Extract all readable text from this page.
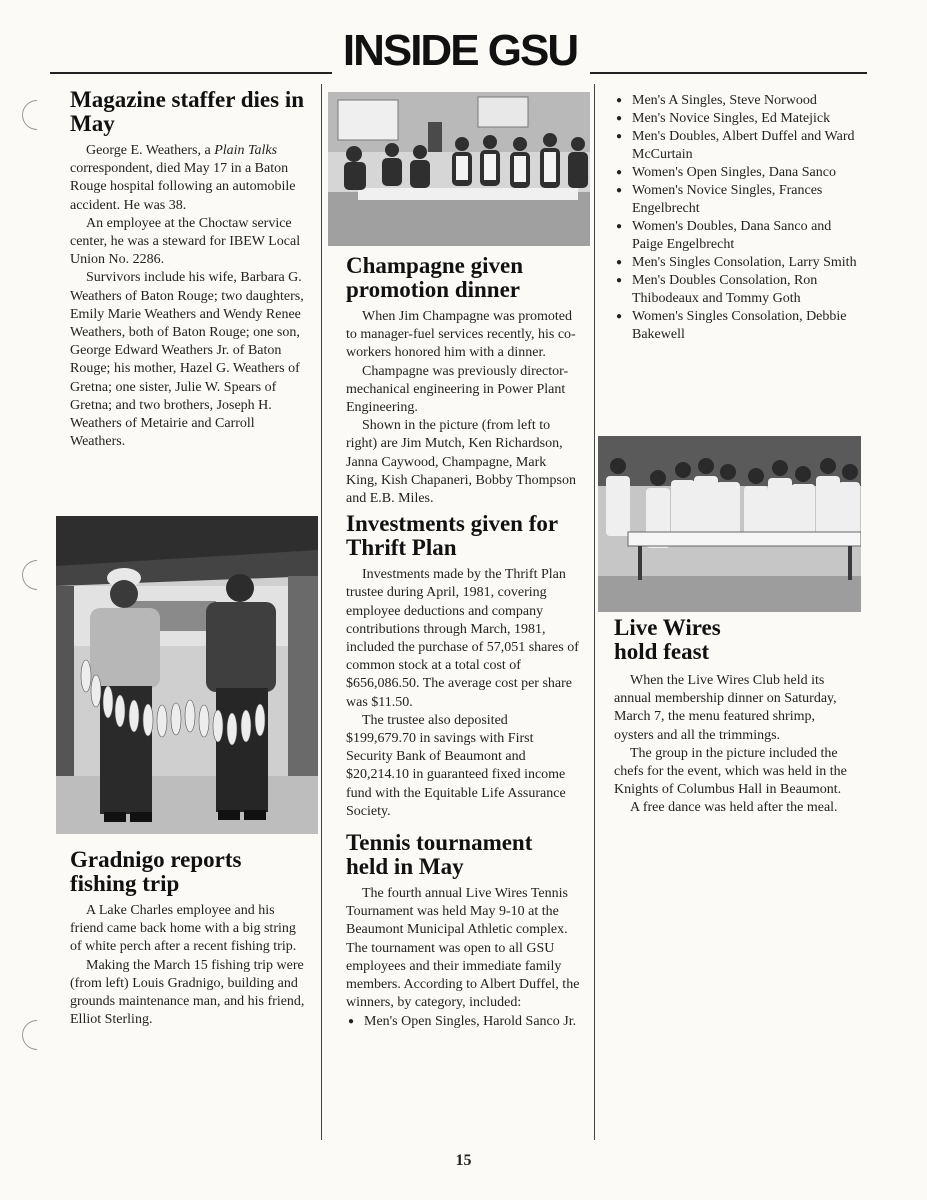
INSIDE GSU
Magazine staffer dies in May

George E. Weathers, a Plain Talks correspondent, died May 17 in a Baton Rouge hospital following an automobile accident. He was 38.

An employee at the Choctaw service center, he was a steward for IBEW Local Union No. 2286.

Survivors include his wife, Barbara G. Weathers of Baton Rouge; two daughters, Emily Marie Weathers and Wendy Renee Weathers, both of Baton Rouge; one son, George Edward Weathers Jr. of Baton Rouge; his mother, Hazel G. Weathers of Gretna; one sister, Julie W. Spears of Gretna; and two brothers, Joseph H. Weathers of Metairie and Carroll Weathers.

Gradnigo reports fishing trip

A Lake Charles employee and his friend came back home with a big string of white perch after a recent fishing trip.

Making the March 15 fishing trip were (from left) Louis Gradnigo, building and grounds maintenance man, and his friend, Elliot Sterling.

Champagne given promotion dinner

When Jim Champagne was promoted to manager-fuel services recently, his co-workers honored him with a dinner.

Champagne was previously director-mechanical engineering in Power Plant Engineering.

Shown in the picture (from left to right) are Jim Mutch, Ken Richardson, Janna Caywood, Champagne, Mark King, Kish Chapaneri, Bobby Thompson and E.B. Miles.

Investments given for Thrift Plan

Investments made by the Thrift Plan trustee during April, 1981, covering employee deductions and company contributions through March, 1981, included the purchase of 57,051 shares of common stock at a total cost of $656,086.50. The average cost per share was $11.50.

The trustee also deposited $199,679.70 in savings with First Security Bank of Beaumont and $20,214.10 in guaranteed fixed income fund with the Equitable Life Assurance Society.

Tennis tournament held in May

The fourth annual Live Wires Tennis Tournament was held May 9-10 at the Beaumont Municipal Athletic complex. The tournament was open to all GSU employees and their immediate family members. According to Albert Duffel, the winners, by category, included:

● Men's Open Singles, Harold Sanco Jr.
● Men's A Singles, Steve Norwood
● Men's Novice Singles, Ed Matejick
● Men's Doubles, Albert Duffel and Ward McCurtain
● Women's Open Singles, Dana Sanco
● Women's Novice Singles, Frances Engelbrecht
● Women's Doubles, Dana Sanco and Paige Engelbrecht
● Men's Singles Consolation, Larry Smith
● Men's Doubles Consolation, Ron Thibodeaux and Tommy Goth
● Women's Singles Consolation, Debbie Bakewell
Live Wires hold feast

When the Live Wires Club held its annual membership dinner on Saturday, March 7, the menu featured shrimp, oysters and all the trimmings.

The group in the picture included the chefs for the event, which was held in the Knights of Columbus Hall in Beaumont.

A free dance was held after the meal.

15
